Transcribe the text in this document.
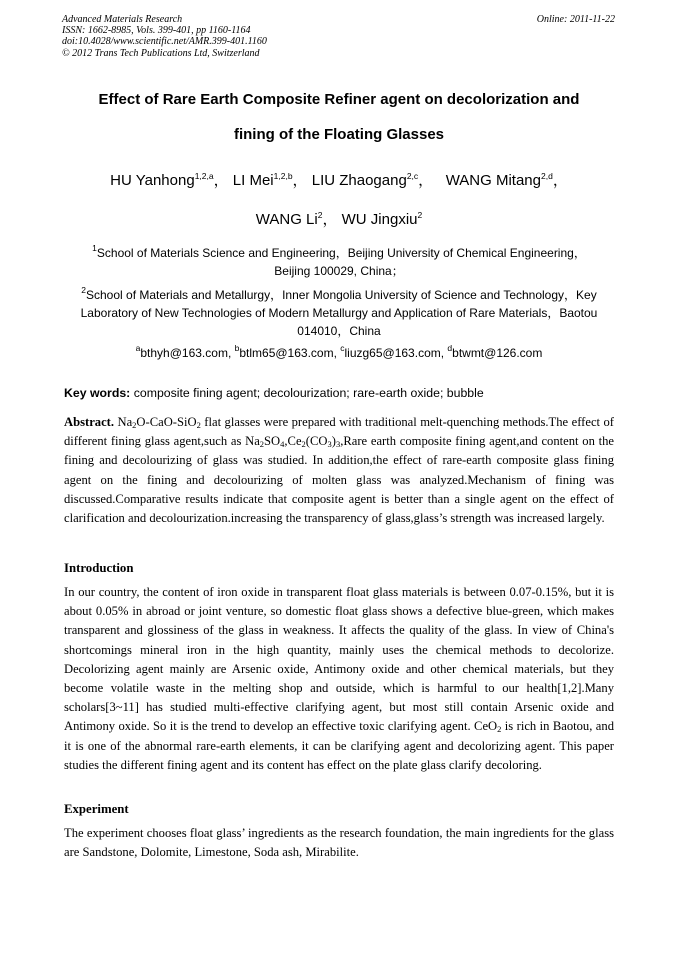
Advanced Materials Research
ISSN: 1662-8985, Vols. 399-401, pp 1160-1164
doi:10.4028/www.scientific.net/AMR.399-401.1160
© 2012 Trans Tech Publications Ltd, Switzerland
Online: 2011-11-22
Effect of Rare Earth Composite Refiner agent on decolorization and
fining of the Floating Glasses
HU Yanhong$^{1,2,a}$， LI Mei$^{1,2,b}$， LIU Zhaogang$^{2,c}$， WANG Mitang$^{2,d}$，
WANG Li$^2$， WU Jingxiu$^2$
$^1$School of Materials Science and Engineering，Beijing University of Chemical Engineering，
Beijing 100029, China；
$^2$School of Materials and Metallurgy，Inner Mongolia University of Science and Technology，Key
Laboratory of New Technologies of Modern Metallurgy and Application of Rare Materials，Baotou
014010，China
$^a$bthyh@163.com, $^b$btlm65@163.com, $^c$liuzg65@163.com, $^d$btwmt@126.com
Key words: composite fining agent; decolourization; rare-earth oxide; bubble
Abstract. $Na_2O-CaO-SiO_2$ flat glasses were prepared with traditional melt-quenching methods.The effect of different fining glass agent,such as $Na_2SO_4,Ce_2(CO_3)_3,Rare$ earth composite fining agent,and content on the fining and decolourizing of glass was studied. In addition,the effect of rare-earth composite glass fining agent on the fining and decolourizing of molten glass was analyzed.Mechanism of fining was discussed.Comparative results indicate that composite agent is better than a single agent on the effect of clarification and decolourization.increasing the transparency of glass,glass’s strength was increased largely.
Introduction
In our country, the content of iron oxide in transparent float glass materials is between 0.07-0.15%, but it is about 0.05% in abroad or joint venture, so domestic float glass shows a defective blue-green, which makes transparent and glossiness of the glass in weakness. It affects the quality of the glass. In view of China's shortcomings mineral iron in the high quantity, mainly uses the chemical methods to decolorize. Decolorizing agent mainly are Arsenic oxide, Antimony oxide and other chemical materials, but they become volatile waste in the melting shop and outside, which is harmful to our health[1,2].Many scholars[3~11] has studied multi-effective clarifying agent, but most still contain Arsenic oxide and Antimony oxide. So it is the trend to develop an effective toxic clarifying agent. CeO$_2$ is rich in Baotou, and it is one of the abnormal rare-earth elements, it can be clarifying agent and decolorizing agent. This paper studies the different fining agent and its content has effect on the plate glass clarify decoloring.
Experiment
The experiment chooses float glass’ ingredients as the research foundation, the main ingredients for the glass are Sandstone, Dolomite, Limestone, Soda ash, Mirabilite.
